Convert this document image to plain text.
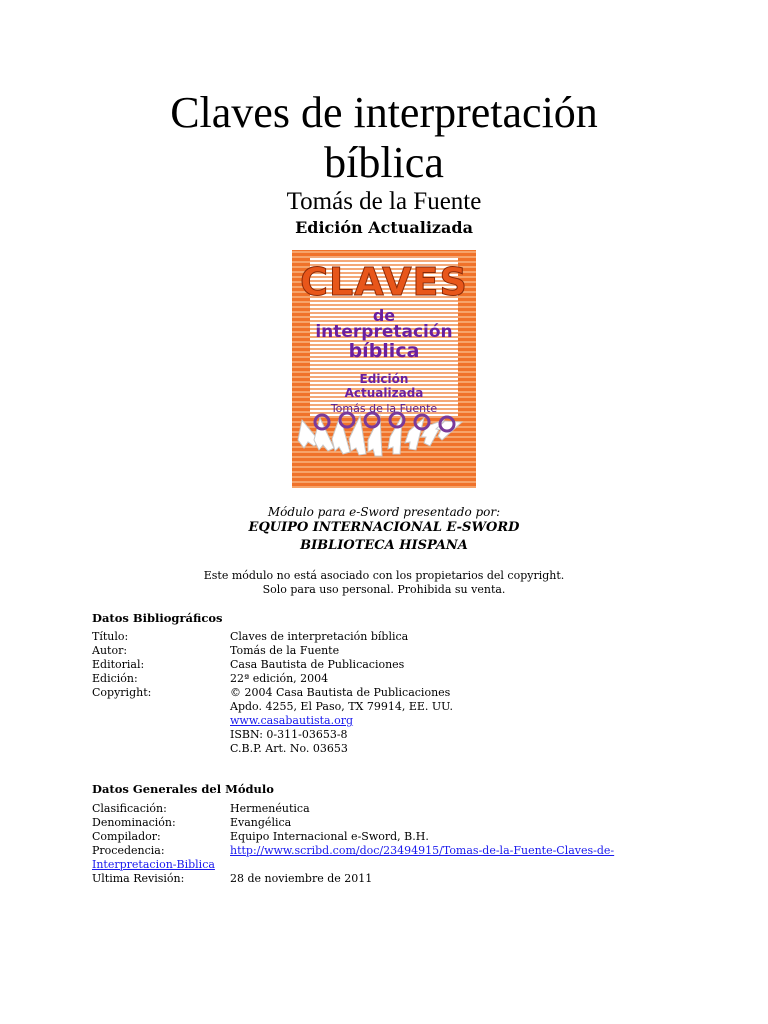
Claves de interpretación
bíblica
Tomás de la Fuente
Edición Actualizada
CLAVES
de
interpretación
bíblica
Edición
Actualizada
Tomás de la Fuente
Módulo para e-Sword presentado por:
EQUIPO INTERNACIONAL E-SWORD
BIBLIOTECA HISPANA
Este módulo no está asociado con los propietarios del copyright.
Solo para uso personal. Prohibida su venta.
Datos Bibliográficos
Título:	Claves de interpretación bíblica
Autor:	Tomás de la Fuente
Editorial:	Casa Bautista de Publicaciones
Edición:	22ª edición, 2004
Copyright:	© 2004 Casa Bautista de Publicaciones
Apdo. 4255, El Paso, TX 79914, EE. UU.
www.casabautista.org
ISBN: 0-311-03653-8
C.B.P. Art. No. 03653
Datos Generales del Módulo
Clasificación:	Hermenéutica
Denominación:	Evangélica
Compilador:	Equipo Internacional e-Sword, B.H.
Procedencia:	http://www.scribd.com/doc/23494915/Tomas-de-la-Fuente-Claves-de-
Interpretacion-Biblica
Ultima Revisión:	28 de noviembre de 2011
